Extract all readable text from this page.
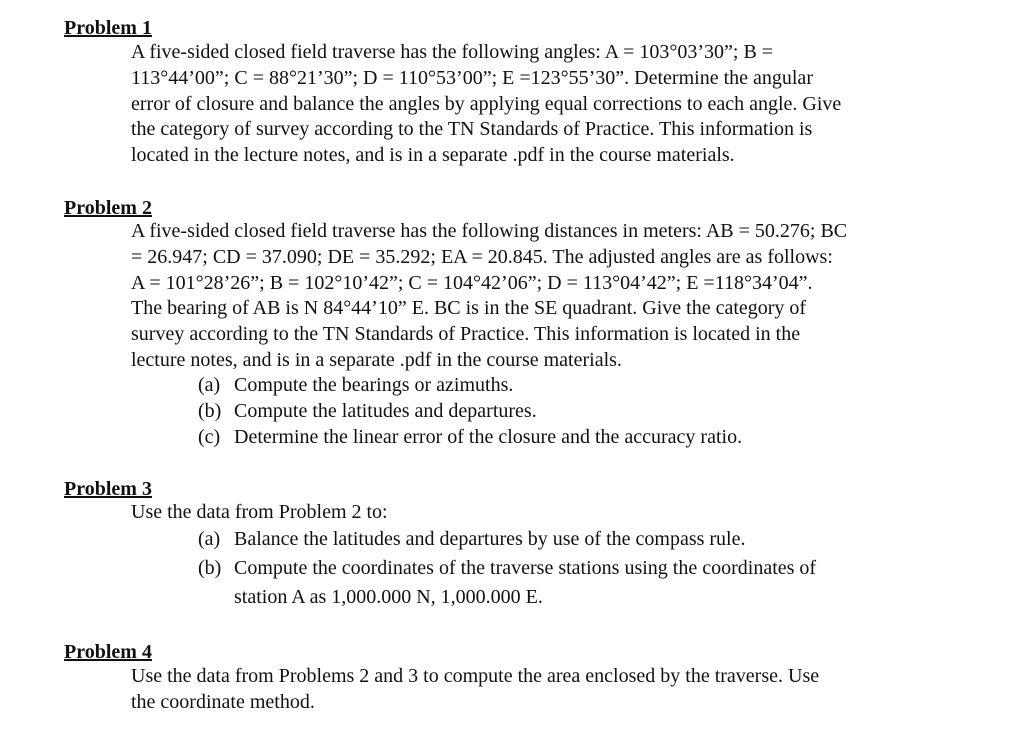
Problem 1
A five-sided closed field traverse has the following angles: A = 103°03’30”; B =
113°44’00”; C = 88°21’30”; D = 110°53’00”; E =123°55’30”. Determine the angular
error of closure and balance the angles by applying equal corrections to each angle. Give
the category of survey according to the TN Standards of Practice. This information is
located in the lecture notes, and is in a separate .pdf in the course materials.
Problem 2
A five-sided closed field traverse has the following distances in meters: AB = 50.276; BC
= 26.947; CD = 37.090; DE = 35.292; EA = 20.845. The adjusted angles are as follows:
A = 101°28’26”; B = 102°10’42”; C = 104°42’06”; D = 113°04’42”; E =118°34’04”.
The bearing of AB is N 84°44’10” E. BC is in the SE quadrant. Give the category of
survey according to the TN Standards of Practice. This information is located in the
lecture notes, and is in a separate .pdf in the course materials.

(a) Compute the bearings or azimuths.

(b) Compute the latitudes and departures.

(c) Determine the linear error of the closure and the accuracy ratio.

Problem 3
Use the data from Problem 2 to:

(a) Balance the latitudes and departures by use of the compass rule.

(b) Compute the coordinates of the traverse stations using the coordinates of

station A as 1,000.000 N, 1,000.000 E.

Problem 4
Use the data from Problems 2 and 3 to compute the area enclosed by the traverse. Use
the coordinate method.
